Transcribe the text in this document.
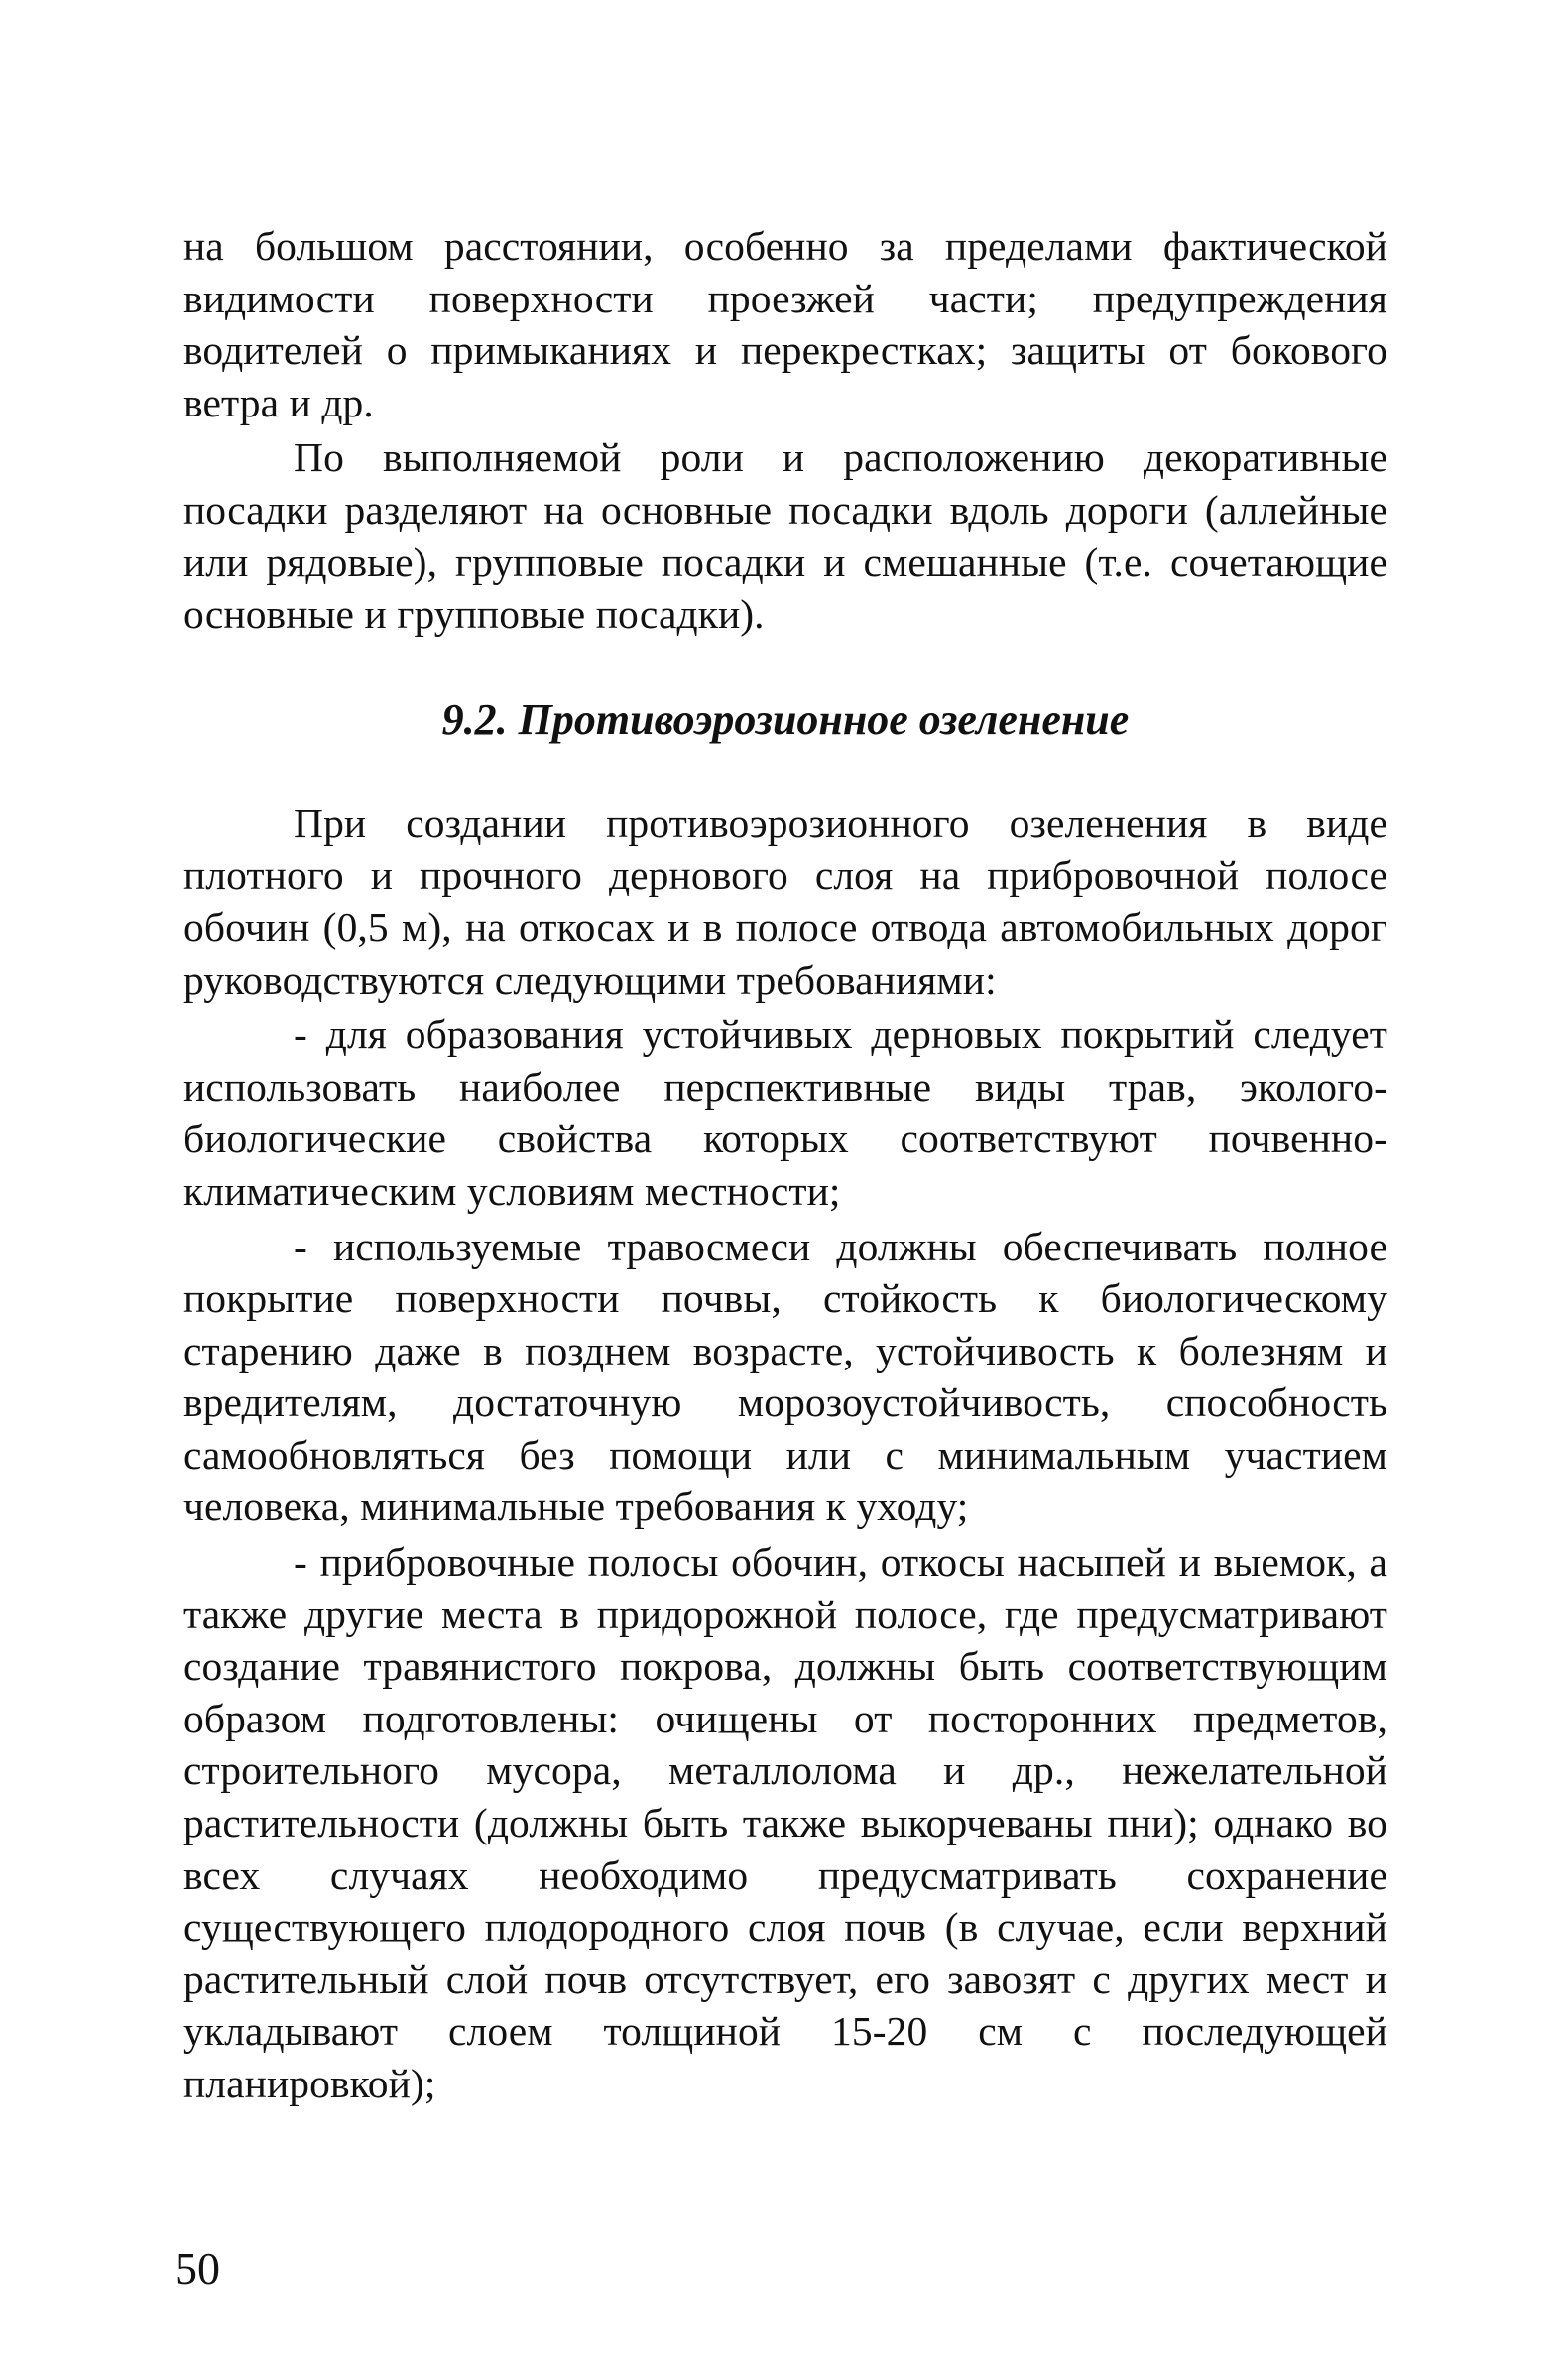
на большом расстоянии, особенно за пределами фактической видимости поверхности проезжей части; предупреждения водителей о примыканиях и перекрестках; защиты от бокового ветра и др.

По выполняемой роли и расположению декоративные посадки разделяют на основные посадки вдоль дороги (аллейные или рядовые), групповые посадки и смешанные (т.е. сочетающие основные и групповые посадки).

9.2. Противоэрозионное озеленение

При создании противоэрозионного озеленения в виде плотного и прочного дернового слоя на прибровочной полосе обочин (0,5 м), на откосах и в полосе отвода автомобильных дорог руководствуются следующими требованиями:

- для образования устойчивых дерновых покрытий следует использовать наиболее перспективные виды трав, эколого-биологические свойства которых соответствуют почвенно-климатическим условиям местности;

- используемые травосмеси должны обеспечивать полное покрытие поверхности почвы, стойкость к биологическому старению даже в позднем возрасте, устойчивость к болезням и вредителям, достаточную морозоустойчивость, способность самообновляться без помощи или с минимальным участием человека, минимальные требования к уходу;

- прибровочные полосы обочин, откосы насыпей и выемок, а также другие места в придорожной полосе, где предусматривают создание травянистого покрова, должны быть соответствующим образом подготовлены: очищены от посторонних предметов, строительного мусора, металлолома и др., нежелательной растительности (должны быть также выкорчеваны пни); однако во всех случаях необходимо предусматривать сохранение существующего плодородного слоя почв (в случае, если верхний растительный слой почв отсутствует, его завозят с других мест и укладывают слоем толщиной 15-20 см с последующей планировкой);

50
